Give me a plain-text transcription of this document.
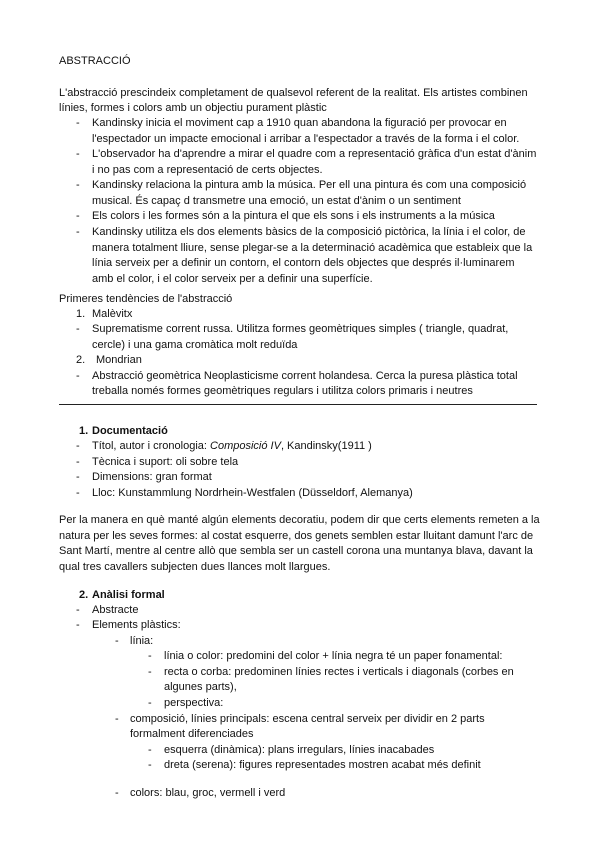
ABSTRACCIÓ
L'abstracció prescindeix completament de qualsevol referent de la realitat. Els artistes combinen
línies, formes i colors amb un objectiu purament plàstic
- Kandinsky inicia el moviment cap a 1910 quan abandona la figuració per provocar en
l'espectador un impacte emocional i arribar a l'espectador a través de la forma i el color.
- L'observador ha d'aprendre a mirar el quadre com a representació gràfica d'un estat d'ànim
i no pas com a representació de certs objectes.
- Kandinsky relaciona la pintura amb la música. Per ell una pintura és com una composició
musical. És capaç d transmetre una emoció, un estat d'ànim o un sentiment
- Els colors i les formes són a la pintura el que els sons i els instruments a la música
- Kandinsky utilitza els dos elements bàsics de la composició pictòrica, la línia i el color, de
manera totalment lliure, sense plegar-se a la determinació acadèmica que estableix que la
línia serveix per a definir un contorn, el contorn dels objectes que després il·luminarem
amb el color, i el color serveix per a definir una superfície.
Primeres tendències de l'abstracció
1. Malèvitx
- Suprematisme corrent russa. Utilitza formes geomètriques simples ( triangle, quadrat,
cercle) i una gama cromàtica molt reduïda
2. Mondrian
- Abstracció geomètrica Neoplasticisme corrent holandesa. Cerca la puresa plàstica total
treballa només formes geomètriques regulars i utilitza colors primaris i neutres
1. Documentació
- Títol, autor i cronologia: Composició IV, Kandinsky(1911 )
- Tècnica i suport: oli sobre tela
- Dimensions: gran format
- Lloc: Kunstammlung Nordrhein-Westfalen (Düsseldorf, Alemanya)
Per la manera en què manté algún elements decoratiu, podem dir que certs elements remeten a la
natura per les seves formes: al costat esquerre, dos genets semblen estar lluitant damunt l'arc de
Sant Martí, mentre al centre allò que sembla ser un castell corona una muntanya blava, davant la
qual tres cavallers subjecten dues llances molt llargues.
2. Anàlisi formal
- Abstracte
- Elements plàstics:
- línia:
- línia o color: predomini del color + línia negra té un paper fonamental:
- recta o corba: predominen línies rectes i verticals i diagonals (corbes en
algunes parts),
- perspectiva:
- composició, línies principals: escena central serveix per dividir en 2 parts
formalment diferenciades
- esquerra (dinàmica): plans irregulars, línies inacabades
- dreta (serena): figures representades mostren acabat més definit
- colors: blau, groc, vermell i verd
